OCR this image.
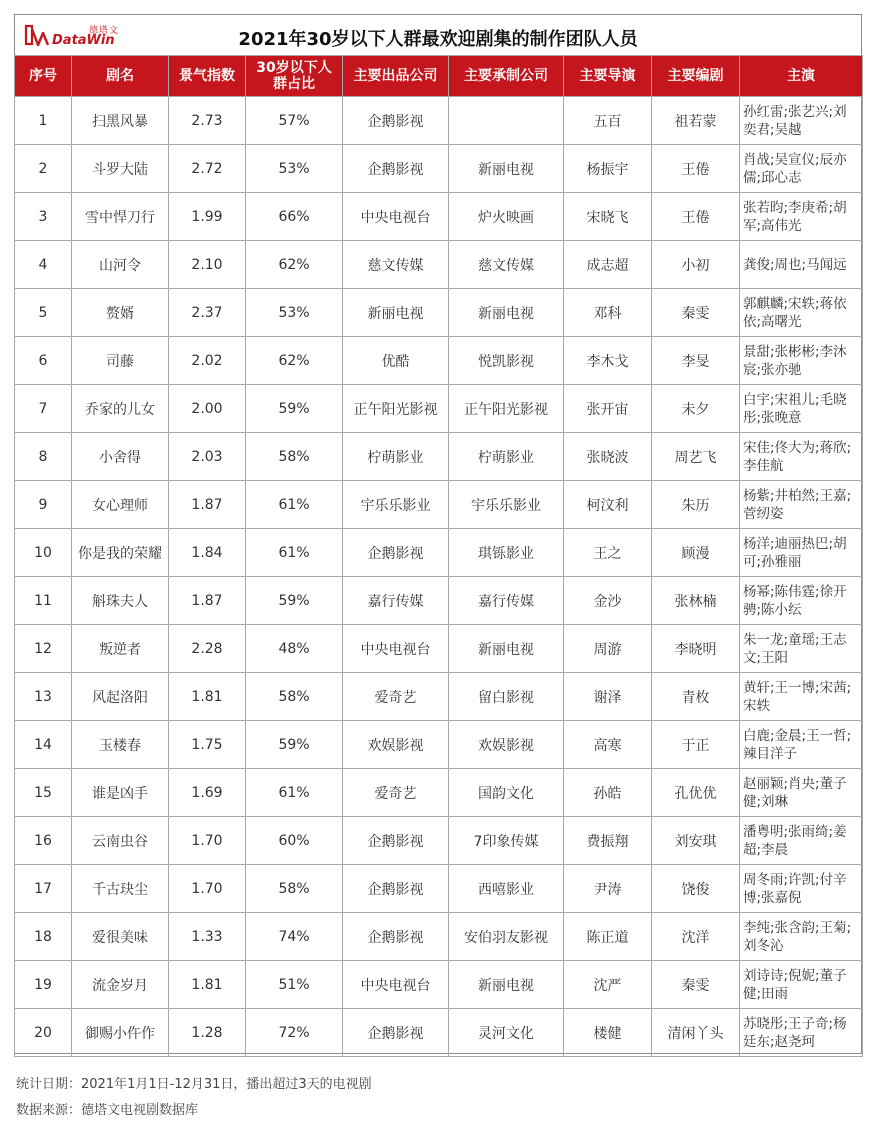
德塔文
DataWin	2021年30岁以下人群最欢迎剧集的制作团队人员
序号	剧名	景气指数	30岁以下人群占比	主要出品公司	主要承制公司	主要导演	主要编剧	主演
1	扫黑风暴	2.73	57%	企鹅影视		五百	祖若蒙	孙红雷;张艺兴;刘奕君;吴越
2	斗罗大陆	2.72	53%	企鹅影视	新丽电视	杨振宇	王倦	肖战;吴宣仪;辰亦儒;邱心志
3	雪中悍刀行	1.99	66%	中央电视台	炉火映画	宋晓飞	王倦	张若昀;李庚希;胡军;高伟光
4	山河令	2.10	62%	慈文传媒	慈文传媒	成志超	小初	龚俊;周也;马闻远
5	赘婿	2.37	53%	新丽电视	新丽电视	邓科	秦雯	郭麒麟;宋轶;蒋依依;高曙光
6	司藤	2.02	62%	优酷	悦凯影视	李木戈	李旻	景甜;张彬彬;李沐宸;张亦驰
7	乔家的儿女	2.00	59%	正午阳光影视	正午阳光影视	张开宙	未夕	白宇;宋祖儿;毛晓彤;张晚意
8	小舍得	2.03	58%	柠萌影业	柠萌影业	张晓波	周艺飞	宋佳;佟大为;蒋欣;李佳航
9	女心理师	1.87	61%	宇乐乐影业	宇乐乐影业	柯汶利	朱历	杨紫;井柏然;王嘉;菅纫姿
10	你是我的荣耀	1.84	61%	企鹅影视	琪铄影业	王之	顾漫	杨洋;迪丽热巴;胡可;孙雅丽
11	斛珠夫人	1.87	59%	嘉行传媒	嘉行传媒	金沙	张林楠	杨幂;陈伟霆;徐开骋;陈小纭
12	叛逆者	2.28	48%	中央电视台	新丽电视	周游	李晓明	朱一龙;童瑶;王志文;王阳
13	风起洛阳	1.81	58%	爱奇艺	留白影视	谢泽	青枚	黄轩;王一博;宋茜;宋轶
14	玉楼春	1.75	59%	欢娱影视	欢娱影视	高寒	于正	白鹿;金晨;王一哲;辣目洋子
15	谁是凶手	1.69	61%	爱奇艺	国韵文化	孙皓	孔优优	赵丽颖;肖央;董子健;刘琳
16	云南虫谷	1.70	60%	企鹅影视	7印象传媒	费振翔	刘安琪	潘粤明;张雨绮;姜超;李晨
17	千古玦尘	1.70	58%	企鹅影视	西嘻影业	尹涛	饶俊	周冬雨;许凯;付辛博;张嘉倪
18	爱很美味	1.33	74%	企鹅影视	安伯羽友影视	陈正道	沈洋	李纯;张含韵;王菊;刘冬沁
19	流金岁月	1.81	51%	中央电视台	新丽电视	沈严	秦雯	刘诗诗;倪妮;董子健;田雨
20	御赐小仵作	1.28	72%	企鹅影视	灵河文化	楼健	清闲丫头	苏晓彤;王子奇;杨廷东;赵尧珂
统计日期：2021年1月1日-12月31日，播出超过3天的电视剧
数据来源：德塔文电视剧数据库
